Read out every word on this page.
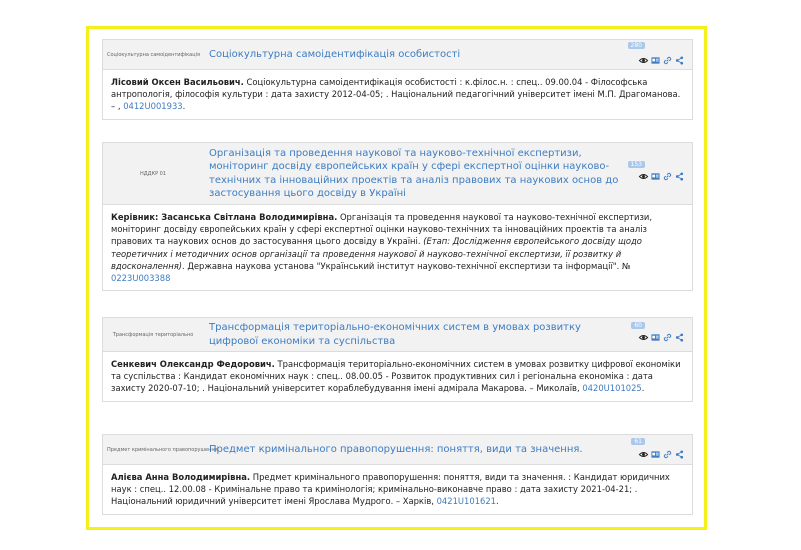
Соціокультурна самоідентифікація Соціокультурна самоідентифікація особистості
280
Лісовий Оксен Васильович. Соціокультурна самоідентифікація особистості : к.філос.н. : спец.. 09.00.04 - Філософська антропологія, філософія культури : дата захисту 2012-04-05; . Національний педагогічний університет імені М.П. Драгоманова. – , 0412U001933.
НДДКР 01
Організація та проведення наукової та науково-технічної експертизи, моніторинг досвіду європейських країн у сфері експертної оцінки науково-технічних та інноваційних проектів та аналіз правових та наукових основ до застосування цього досвіду в Україні
153
Керівник: Засанська Світлана Володимирівна. Організація та проведення наукової та науково-технічної експертизи, моніторинг досвіду європейських країн у сфері експертної оцінки науково-технічних та інноваційних проектів та аналіз правових та наукових основ до застосування цього досвіду в Україні. (Етап: Дослідження європейського досвіду щодо теоретичних і методичних основ організації та проведення наукової й науково-технічної експертизи, її розвитку й вдосконалення). Державна наукова установа "Український інститут науково-технічної експертизи та інформації". № 0223U003388
Трансформація територіально
Трансформація територіально-економічних систем в умовах розвитку цифрової економіки та суспільства
60
Сенкевич Олександр Федорович. Трансформація територіально-економічних систем в умовах розвитку цифрової економіки та суспільства : Кандидат економічних наук : спец.. 08.00.05 - Розвиток продуктивних сил і регіональна економіка : дата захисту 2020-07-10; . Національний університет кораблебудування імені адмірала Макарова. – Миколаїв, 0420U101025.
Предмет кримінального правопорушення
Предмет кримінального правопорушення: поняття, види та значення.
61
Алієва Анна Володимирівна. Предмет кримінального правопорушення: поняття, види та значення. : Кандидат юридичних наук : спец.. 12.00.08 - Кримінальне право та кримінологія; кримінально-виконавче право : дата захисту 2021-04-21; . Національний юридичний університет імені Ярослава Мудрого. – Харків, 0421U101621.
